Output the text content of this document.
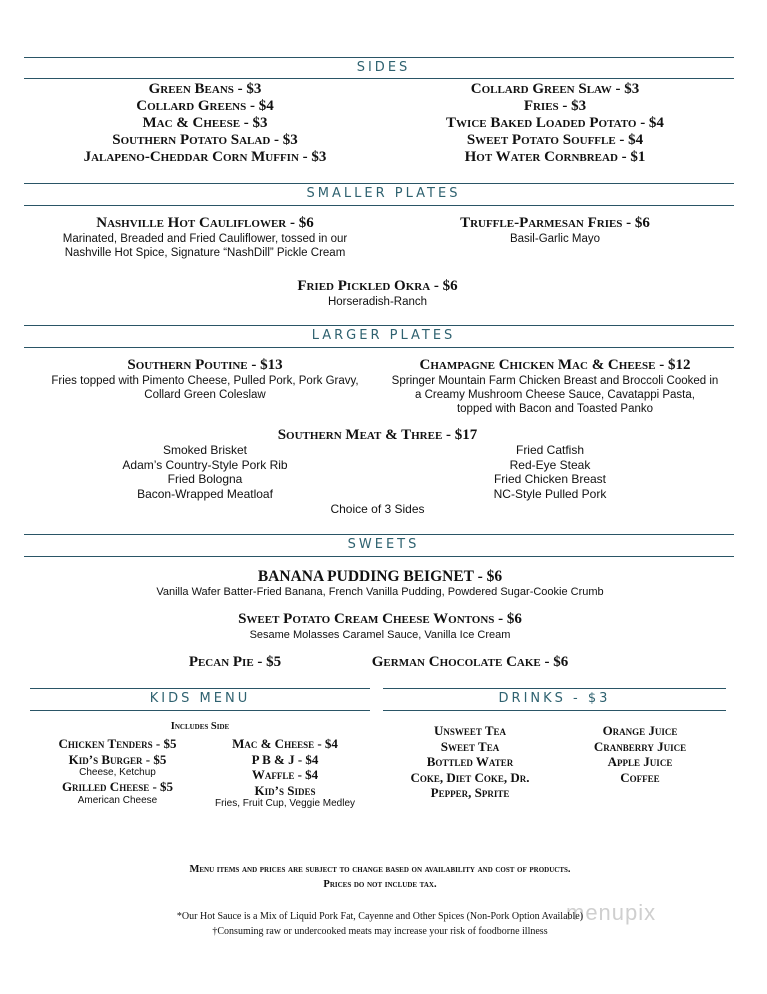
SIDES
Green Beans - $3
Collard Greens - $4
Mac & Cheese - $3
Southern Potato Salad - $3
Jalapeno-Cheddar Corn Muffin - $3
Collard Green Slaw - $3
Fries - $3
Twice Baked Loaded Potato - $4
Sweet Potato Souffle - $4
Hot Water Cornbread - $1
SMALLER PLATES
Nashville Hot Cauliflower - $6
Marinated, Breaded and Fried Cauliflower, tossed in our
Nashville Hot Spice, Signature “NashDill” Pickle Cream
Truffle-Parmesan Fries - $6
Basil-Garlic Mayo
Fried Pickled Okra - $6
Horseradish-Ranch
LARGER PLATES
Southern Poutine - $13
Fries topped with Pimento Cheese, Pulled Pork, Pork Gravy,
Collard Green Coleslaw
Champagne Chicken Mac & Cheese - $12
Springer Mountain Farm Chicken Breast and Broccoli Cooked in
a Creamy Mushroom Cheese Sauce, Cavatappi Pasta,
topped with Bacon and Toasted Panko
Southern Meat & Three - $17
Smoked Brisket
Adam’s Country-Style Pork Rib
Fried Bologna
Bacon-Wrapped Meatloaf
Fried Catfish
Red-Eye Steak
Fried Chicken Breast
NC-Style Pulled Pork
Choice of 3 Sides
SWEETS
BANANA PUDDING BEIGNET - $6
Vanilla Wafer Batter-Fried Banana, French Vanilla Pudding, Powdered Sugar-Cookie Crumb
Sweet Potato Cream Cheese Wontons - $6
Sesame Molasses Caramel Sauce, Vanilla Ice Cream
Pecan Pie - $5	German Chocolate Cake - $6
KIDS MENU
Includes Side
Chicken Tenders - $5
Kid’s Burger - $5
Cheese, Ketchup
Grilled Cheese - $5
American Cheese
Mac & Cheese - $4
P B & J - $4
Waffle - $4
Kid’s Sides
Fries, Fruit Cup, Veggie Medley
DRINKS - $3
Unsweet Tea
Sweet Tea
Bottled Water
Coke, Diet Coke, Dr.
Pepper, Sprite
Orange Juice
Cranberry Juice
Apple Juice
Coffee
Menu items and prices are subject to change based on availability and cost of products.
Prices do not include tax.
menupix
*Our Hot Sauce is a Mix of Liquid Pork Fat, Cayenne and Other Spices (Non-Pork Option Available)
†Consuming raw or undercooked meats may increase your risk of foodborne illness
